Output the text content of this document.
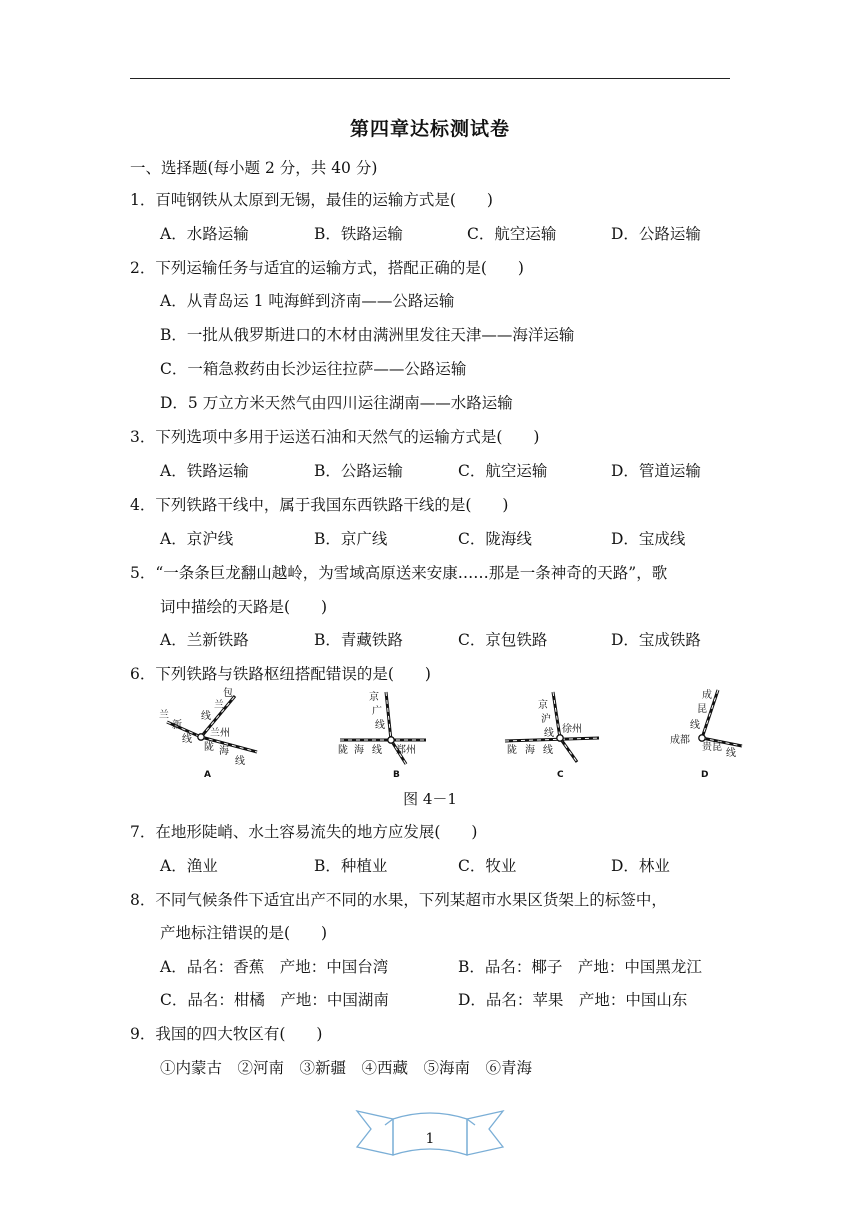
第四章达标测试卷
一、选择题(每小题 2 分，共 40 分)
1．百吨钢铁从太原到无锡，最佳的运输方式是(　　)
A．水路运输	B．铁路运输	C．航空运输	D．公路运输
2．下列运输任务与适宜的运输方式，搭配正确的是(　　)
A．从青岛运 1 吨海鲜到济南——公路运输
B．一批从俄罗斯进口的木材由满洲里发往天津——海洋运输
C．一箱急救药由长沙运往拉萨——公路运输
D．5 万立方米天然气由四川运往湖南——水路运输
3．下列选项中多用于运送石油和天然气的运输方式是(　　)
A．铁路运输	B．公路运输	C．航空运输	D．管道运输
4．下列铁路干线中，属于我国东西铁路干线的是(　　)
A．京沪线	B．京广线	C．陇海线	D．宝成线
5．“一条条巨龙翻山越岭，为雪域高原送来安康……那是一条神奇的天路”，歌
词中描绘的天路是(　　)
A．兰新铁路	B．青藏铁路	C．京包铁路	D．宝成铁路
6．下列铁路与铁路枢纽搭配错误的是(　　)
兰
新
线
包
兰
线
兰州
陇 海
线
A
京
广
线
陇 海 线 郑州
B
京
沪
线 徐州
陇 海 线
C
成
昆
线
成都
贵昆
线
D
图 4－1
7．在地形陡峭、水土容易流失的地方应发展(　　)
A．渔业	B．种植业	C．牧业	D．林业
8．不同气候条件下适宜出产不同的水果，下列某超市水果区货架上的标签中，
产地标注错误的是(　　)
A．品名：香蕉　产地：中国台湾	B．品名：椰子　产地：中国黑龙江
C．品名：柑橘　产地：中国湖南	D．品名：苹果　产地：中国山东
9．我国的四大牧区有(　　)
①内蒙古　②河南　③新疆　④西藏　⑤海南　⑥青海
1
